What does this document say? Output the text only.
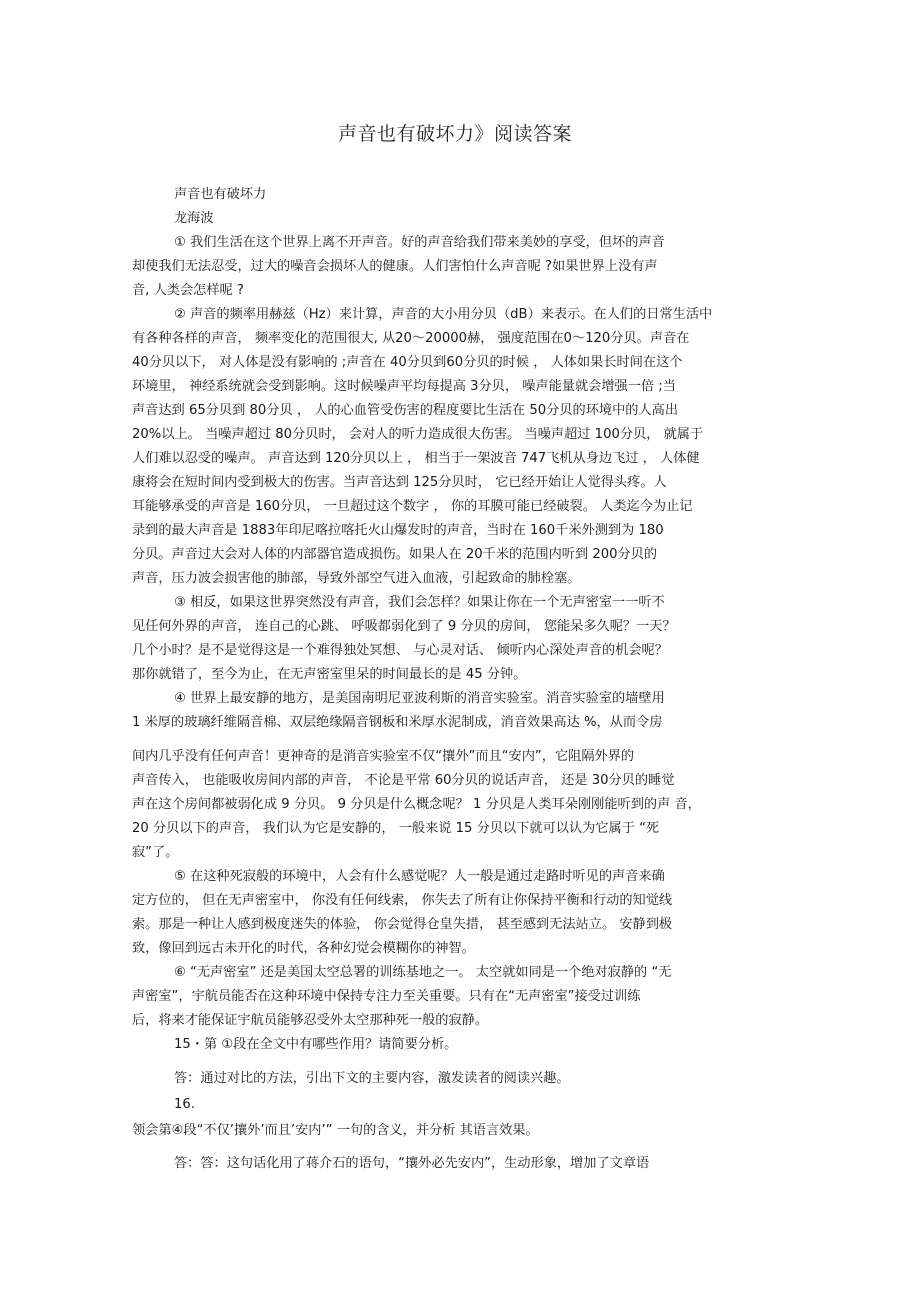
声音也有破坏力》阅读答案
声音也有破坏力
龙海波
① 我们生活在这个世界上离不开声音。好的声音给我们带来美妙的享受，但坏的声音
却使我们无法忍受，过大的噪音会损坏人的健康。人们害怕什么声音呢 ?如果世界上没有声
音, 人类会怎样呢 ?
② 声音的频率用赫兹（Hz）来计算，声音的大小用分贝（dB）来表示。在人们的日常生活中
有各种各样的声音， 频率变化的范围很大, 从20～20000赫， 强度范围在0～120分贝。声音在
40分贝以下， 对人体是没有影响的 ;声音在 40分贝到60分贝的时候 ， 人体如果长时间在这个
环境里， 神经系统就会受到影响。这时候噪声平均每提高 3分贝， 噪声能量就会增强一倍 ;当
声音达到 65分贝到 80分贝 ， 人的心血管受伤害的程度要比生活在 50分贝的环境中的人高出
20%以上。 当噪声超过 80分贝时， 会对人的听力造成很大伤害。 当噪声超过 100分贝， 就属于
人们难以忍受的噪声。 声音达到 120分贝以上 ， 相当于一架波音 747飞机从身边飞过 ， 人体健
康将会在短时间内受到极大的伤害。当声音达到 125分贝时， 它已经开始让人觉得头疼。人
耳能够承受的声音是 160分贝， 一旦超过这个数字 ， 你的耳膜可能已经破裂。 人类迄今为止记
录到的最大声音是 1883年印尼喀拉喀托火山爆发时的声音，当时在 160千米外测到为 180
分贝。声音过大会对人体的内部器官造成损伤。如果人在 20千米的范围内听到 200分贝的
声音，压力波会损害他的肺部，导致外部空气进入血液，引起致命的肺栓塞。
③ 相反，如果这世界突然没有声音，我们会怎样？如果让你在一个无声密室一一听不
见任何外界的声音， 连自己的心跳、 呼吸都弱化到了 9 分贝的房间， 您能呆多久呢？一天？
几个小时？是不是觉得这是一个难得独处冥想、 与心灵对话、 倾听内心深处声音的机会呢？
那你就错了，至今为止，在无声密室里呆的时间最长的是 45 分钟。
④ 世界上最安静的地方，是美国南明尼亚波利斯的消音实验室。消音实验室的墙壁用
1 米厚的玻璃纤维隔音棉、双层绝缘隔音钢板和米厚水泥制成，消音效果高达 %，从而令房
间内几乎没有任何声音！更神奇的是消音实验室不仅“攘外”而且“安内”，它阻隔外界的
声音传入， 也能吸收房间内部的声音， 不论是平常 60分贝的说话声音， 还是 30分贝的睡觉
声在这个房间都被弱化成 9 分贝。 9 分贝是什么概念呢？ 1 分贝是人类耳朵刚刚能听到的声 音，
20 分贝以下的声音， 我们认为它是安静的， 一般来说 15 分贝以下就可以认为它属于 “死
寂”了。
⑤ 在这种死寂般的环境中，人会有什么感觉呢？人一般是通过走路时听见的声音来确
定方位的， 但在无声密室中， 你没有任何线索， 你失去了所有让你保持平衡和行动的知觉线
索。那是一种让人感到极度迷失的体验， 你会觉得仓皇失措， 甚至感到无法站立。 安静到极
致，像回到远古未开化的时代，各种幻觉会模糊你的神智。
⑥ “无声密室” 还是美国太空总署的训练基地之一。 太空就如同是一个绝对寂静的 “无
声密室”，宇航员能否在这种环境中保持专注力至关重要。只有在“无声密室”接受过训练
后，将来才能保证宇航员能够忍受外太空那种死一般的寂静。
15・第 ①段在全文中有哪些作用？请简要分析。
答：通过对比的方法，引出下文的主要内容，激发读者的阅读兴趣。
16.
领会第④段“不仅’攘外’而且’安内’” 一句的含义，并分析 其语言效果。
答：答：这句话化用了蒋介石的语句，“攘外必先安内”，生动形象，增加了文章语
